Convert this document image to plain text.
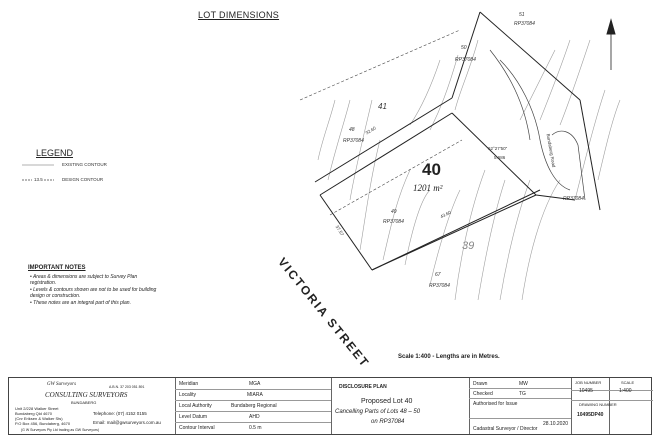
LOT DIMENSIONS
LEGEND
EXISTING CONTOUR
13.5	DESIGN CONTOUR
IMPORTANT NOTES
• Areas & dimensions are subject to Survey Plan registration.
• Levels & contours shown are not to be used for building design or construction.
• These notes are an integral part of this plan.
51
RP37084
50
RP37084
48
RP37084
41
49
RP37084
67
RP37084
39
RP37084
40
1201 m²
32.60
43.60
62°27'50"
5.686
37.57
Bundaberg Road
VICTORIA STREET	Scale 1:400 - Lengths are in Metres.
GW Surveyors	A.B.N. 37 203 051 891
CONSULTING SURVEYORS
BUNDABERG
Unit 2/228 Walker Street
Bundaberg Qld 4670
(Cnr Eriksen & Walker Sts)
P.O Box 456, Bundaberg, 4670
Telephone: (07) 4152 0155
Email: mail@gwsurveyors.com.au
(G W Surveyors Pty Ltd trading as GW Surveyors)
Meridian	MGA
Locality	MIARA
Local Authority	Bundaberg Regional
Level Datum	AHD
Contour Interval	0.5 m
DISCLOSURE PLAN
Proposed Lot 40
Cancelling Parts of Lots 48 – 50
on RP37084
Drawn	MW
Checked	TG
Authorised for Issue
Cadastral Surveyor / Director
28.10.2020
JOB NUMBER
10495
SCALE
1:400
DRAWING NUMBER
10495DP40
